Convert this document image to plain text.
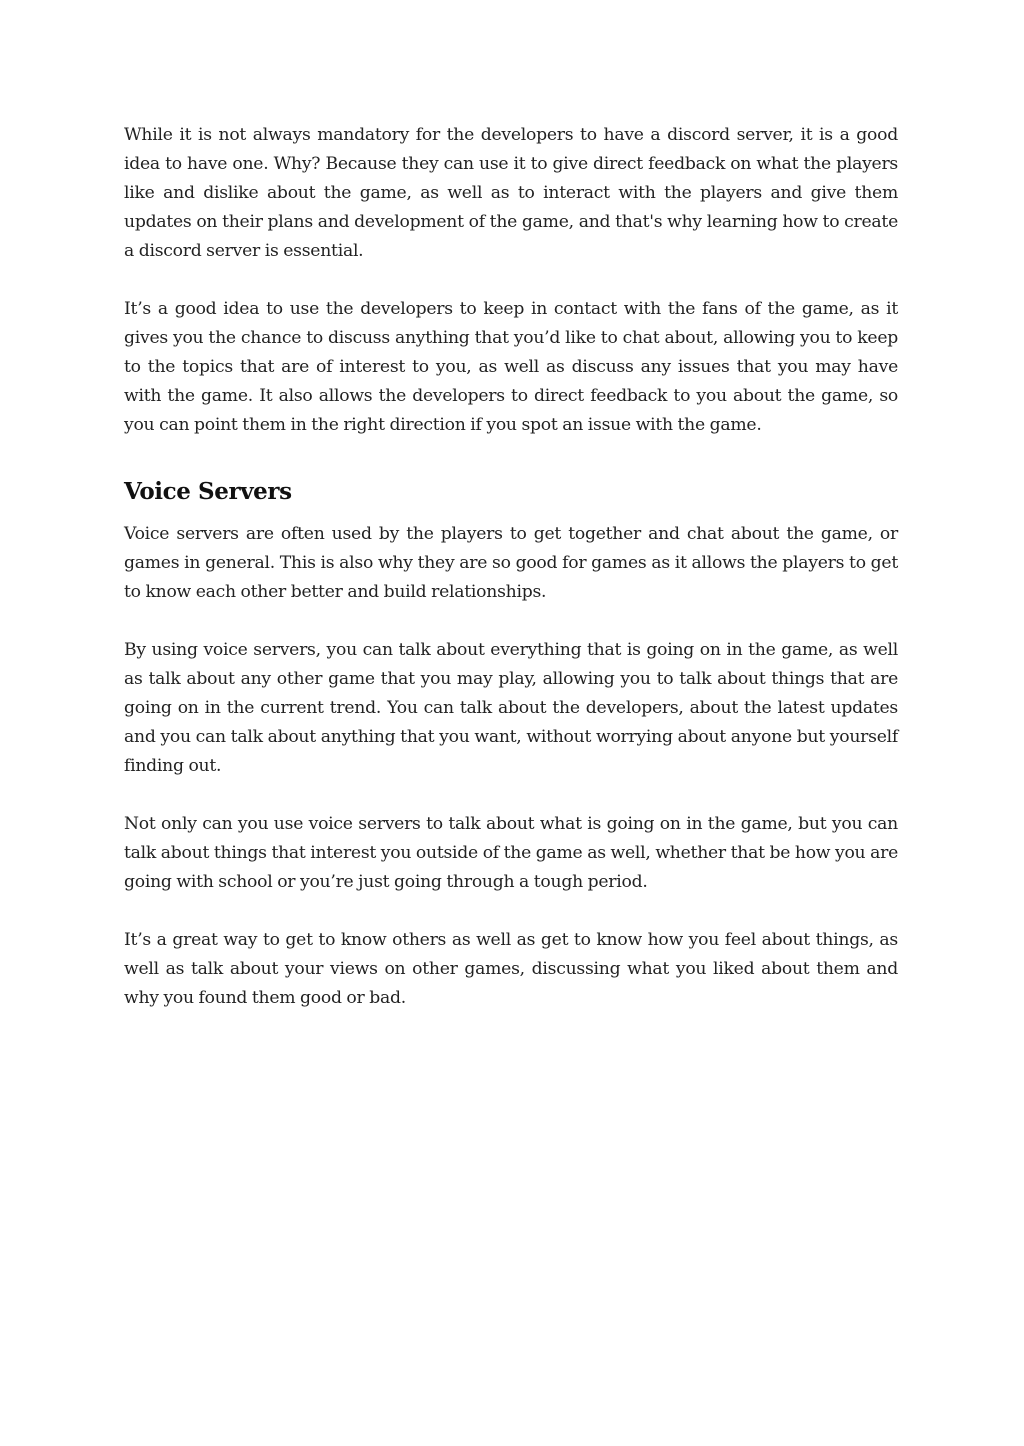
While it is not always mandatory for the developers to have a discord server, it is a good idea to have one. Why? Because they can use it to give direct feedback on what the players like and dislike about the game, as well as to interact with the players and give them updates on their plans and development of the game, and that's why learning how to create a discord server is essential.

It’s a good idea to use the developers to keep in contact with the fans of the game, as it gives you the chance to discuss anything that you’d like to chat about, allowing you to keep to the topics that are of interest to you, as well as discuss any issues that you may have with the game. It also allows the developers to direct feedback to you about the game, so you can point them in the right direction if you spot an issue with the game.

Voice Servers

Voice servers are often used by the players to get together and chat about the game, or games in general. This is also why they are so good for games as it allows the players to get to know each other better and build relationships.

By using voice servers, you can talk about everything that is going on in the game, as well as talk about any other game that you may play, allowing you to talk about things that are going on in the current trend. You can talk about the developers, about the latest updates and you can talk about anything that you want, without worrying about anyone but yourself finding out.

Not only can you use voice servers to talk about what is going on in the game, but you can talk about things that interest you outside of the game as well, whether that be how you are going with school or you’re just going through a tough period.

It’s a great way to get to know others as well as get to know how you feel about things, as well as talk about your views on other games, discussing what you liked about them and why you found them good or bad.
